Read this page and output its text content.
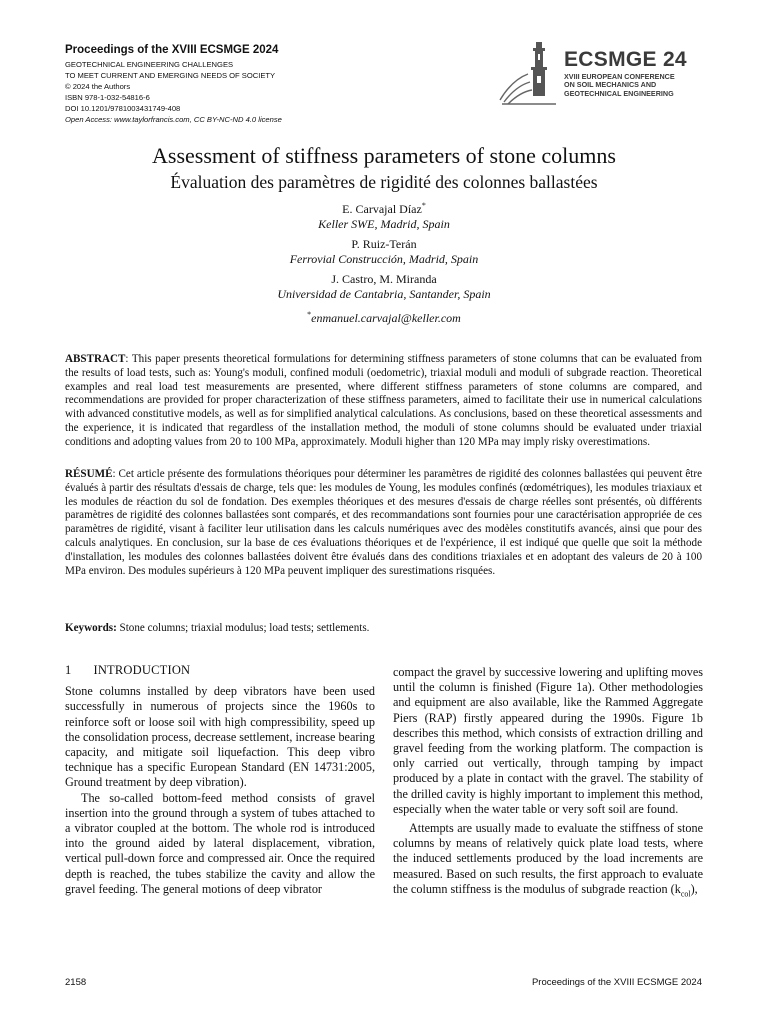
Proceedings of the XVIII ECSMGE 2024
GEOTECHNICAL ENGINEERING CHALLENGES
TO MEET CURRENT AND EMERGING NEEDS OF SOCIETY
© 2024 the Authors
ISBN 978-1-032-54816-6
DOI 10.1201/9781003431749-408
Open Access: www.taylorfrancis.com, CC BY-NC-ND 4.0 license
ECSMGE 24
XVIII EUROPEAN CONFERENCE
ON SOIL MECHANICS AND
GEOTECHNICAL ENGINEERING
Assessment of stiffness parameters of stone columns
Évaluation des paramètres de rigidité des colonnes ballastées
E. Carvajal Díaz*
Keller SWE, Madrid, Spain
P. Ruiz-Terán
Ferrovial Construcción, Madrid, Spain
J. Castro, M. Miranda
Universidad de Cantabria, Santander, Spain
*enmanuel.carvajal@keller.com

ABSTRACT: This paper presents theoretical formulations for determining stiffness parameters of stone columns that can be evaluated from the results of load tests, such as: Young's moduli, confined moduli (oedometric), triaxial moduli and moduli of subgrade reaction. Theoretical examples and real load test measurements are presented, where different stiffness parameters of stone columns are compared, and recommendations are provided for proper characterization of these stiffness parameters, aimed to facilitate their use in numerical calculations with advanced constitutive models, as well as for simplified analytical calculations. As conclusions, based on these theoretical assessments and the experience, it is indicated that regardless of the installation method, the moduli of stone columns should be evaluated under triaxial conditions and adopting values from 20 to 100 MPa, approximately. Moduli higher than 120 MPa may imply risky overestimations.

RÉSUMÉ: Cet article présente des formulations théoriques pour déterminer les paramètres de rigidité des colonnes ballastées qui peuvent être évalués à partir des résultats d'essais de charge, tels que: les modules de Young, les modules confinés (œdométriques), les modules triaxiaux et les modules de réaction du sol de fondation. Des exemples théoriques et des mesures d'essais de charge réelles sont présentés, où différents paramètres de rigidité des colonnes ballastées sont comparés, et des recommandations sont fournies pour une caractérisation appropriée de ces paramètres de rigidité, visant à faciliter leur utilisation dans les calculs numériques avec des modèles constitutifs avancés, ainsi que pour des calculs analytiques. En conclusion, sur la base de ces évaluations théoriques et de l'expérience, il est indiqué que quelle que soit la méthode d'installation, les modules des colonnes ballastées doivent être évalués dans des conditions triaxiales et en adoptant des valeurs de 20 à 100 MPa environ. Des modules supérieurs à 120 MPa peuvent impliquer des surestimations risquées.

Keywords: Stone columns; triaxial modulus; load tests; settlements.

1 INTRODUCTION

Stone columns installed by deep vibrators have been used successfully in numerous of projects since the 1960s to reinforce soft or loose soil with high compressibility, speed up the consolidation process, decrease settlement, increase bearing capacity, and mitigate soil liquefaction. This deep vibro technique has a specific European Standard (EN 14731:2005, Ground treatment by deep vibration).

The so-called bottom-feed method consists of gravel insertion into the ground through a system of tubes attached to a vibrator coupled at the bottom. The whole rod is introduced into the ground aided by lateral displacement, vibration, vertical pull-down force and compressed air. Once the required depth is reached, the tubes stabilize the cavity and allow the gravel feeding. The general motions of deep vibrator

compact the gravel by successive lowering and uplifting moves until the column is finished (Figure 1a). Other methodologies and equipment are also available, like the Rammed Aggregate Piers (RAP) firstly appeared during the 1990s. Figure 1b describes this method, which consists of extraction drilling and gravel feeding from the working platform. The compaction is only carried out vertically, through tamping by impact produced by a plate in contact with the gravel. The stability of the drilled cavity is highly important to implement this method, especially when the water table or very soft soil are found.

Attempts are usually made to evaluate the stiffness of stone columns by means of relatively quick plate load tests, where the induced settlements produced by the load increments are measured. Based on such results, the first approach to evaluate the column stiffness is the modulus of subgrade reaction $(k_{col})$,

2158	Proceedings of the XVIII ECSMGE 2024
